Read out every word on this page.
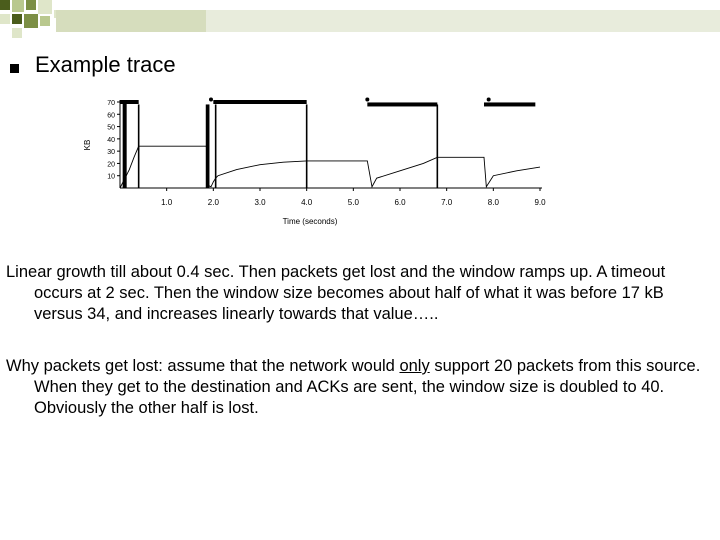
Example trace
10
20
30
40
50
60
70
1.0	2.0	3.0	4.0	5.0	6.0	7.0	8.0	9.0
KB
Time (seconds)
Linear growth till about 0.4 sec. Then packets get lost and the window ramps up. A timeout occurs at 2 sec. Then the window size becomes about half of what it was before 17 kB versus 34, and increases linearly towards that value…..
Why packets get lost: assume that the network would only support 20 packets from this source. When they get to the destination and ACKs are sent, the window size is doubled to 40. Obviously the other half is lost.
